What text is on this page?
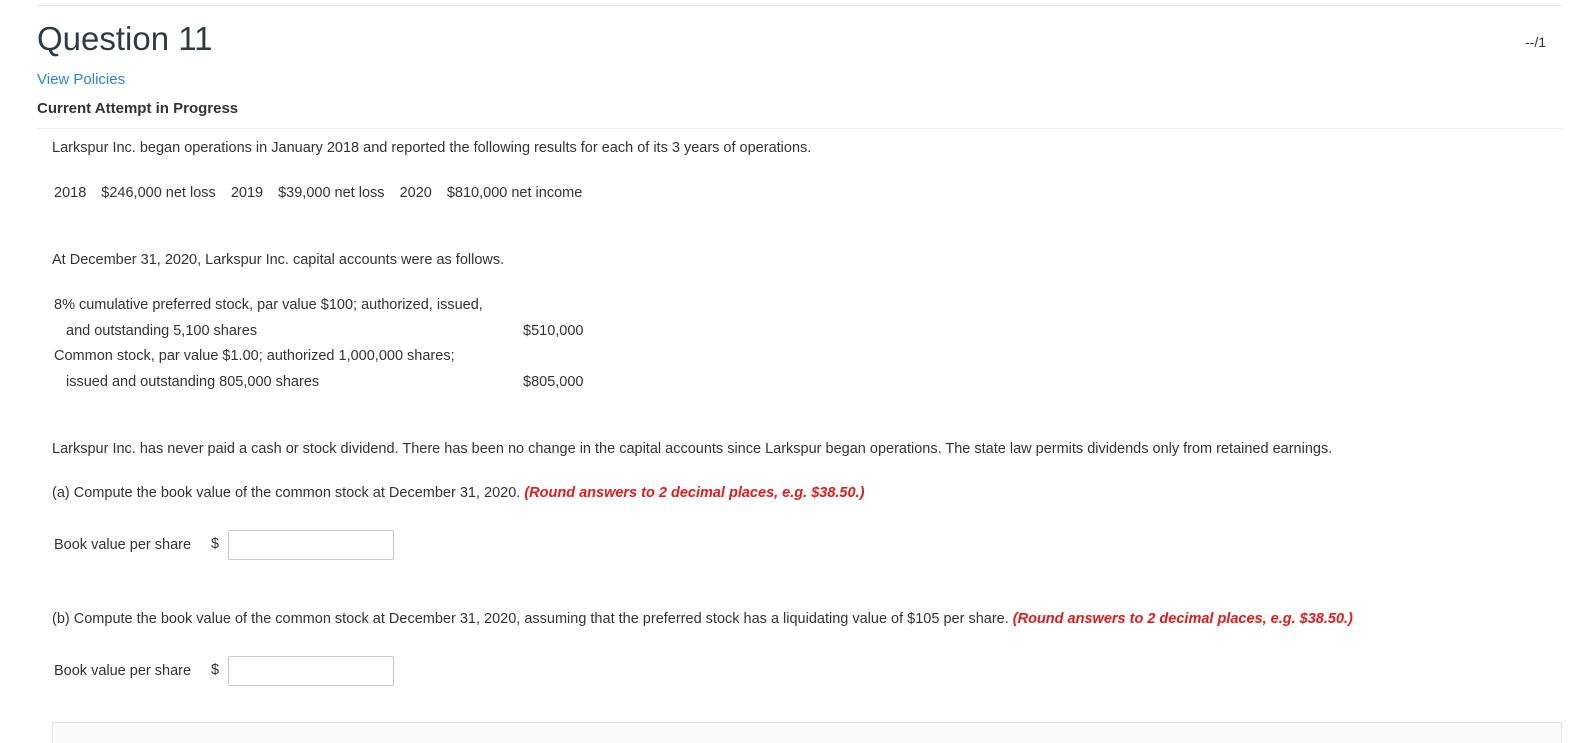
Question 11	--/1
View Policies
Current Attempt in Progress
Larkspur Inc. began operations in January 2018 and reported the following results for each of its 3 years of operations.
2018 $246,000 net loss 2019 $39,000 net loss 2020 $810,000 net income
At December 31, 2020, Larkspur Inc. capital accounts were as follows.
8% cumulative preferred stock, par value $100; authorized, issued,
and outstanding 5,100 shares	$510,000
Common stock, par value $1.00; authorized 1,000,000 shares;
issued and outstanding 805,000 shares	$805,000
Larkspur Inc. has never paid a cash or stock dividend. There has been no change in the capital accounts since Larkspur began operations. The state law permits dividends only from retained earnings.
(a) Compute the book value of the common stock at December 31, 2020. (Round answers to 2 decimal places, e.g. $38.50.)
Book value per share $
(b) Compute the book value of the common stock at December 31, 2020, assuming that the preferred stock has a liquidating value of $105 per share. (Round answers to 2 decimal places, e.g. $38.50.)
Book value per share $
